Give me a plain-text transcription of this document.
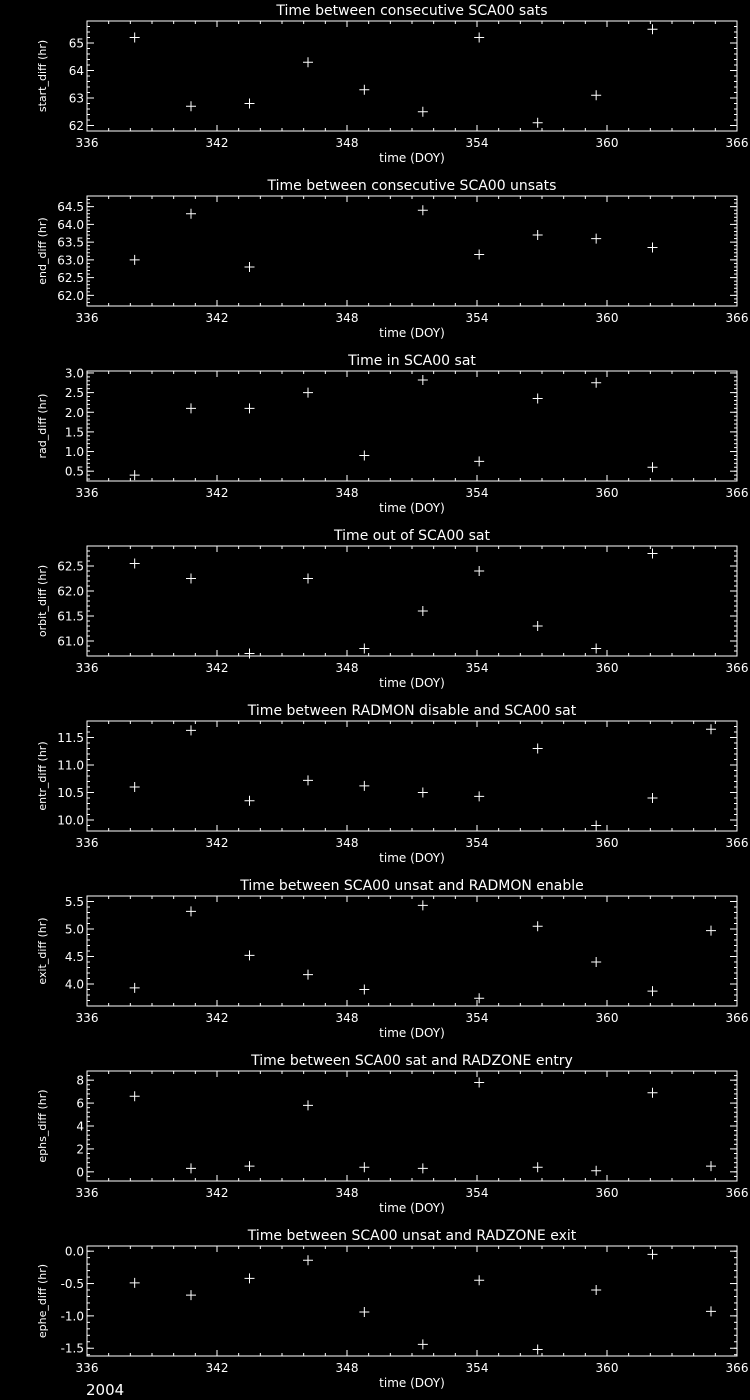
Time between consecutive SCA00 sats
336	342	348	354	360	366
time (DOY)
62
63
64
65
start_diff (hr)
Time between consecutive SCA00 unsats
336	342	348	354	360	366
time (DOY)
62.0
62.5
63.0
63.5
64.0
64.5
end_diff (hr)
Time in SCA00 sat
336	342	348	354	360	366
time (DOY)
0.5
1.0
1.5
2.0
2.5
3.0
rad_diff (hr)
Time out of SCA00 sat
336	342	348	354	360	366
time (DOY)
61.0
61.5
62.0
62.5
orbit_diff (hr)
Time between RADMON disable and SCA00 sat
336	342	348	354	360	366
time (DOY)
10.0
10.5
11.0
11.5
entr_diff (hr)
Time between SCA00 unsat and RADMON enable
336	342	348	354	360	366
time (DOY)
4.0
4.5
5.0
5.5
exit_diff (hr)
Time between SCA00 sat and RADZONE entry
336	342	348	354	360	366
time (DOY)
0
2
4
6
8
ephs_diff (hr)
Time between SCA00 unsat and RADZONE exit
336	342	348	354	360	366
time (DOY)
-1.5
-1.0
-0.5
0.0
ephe_diff (hr)
2004
